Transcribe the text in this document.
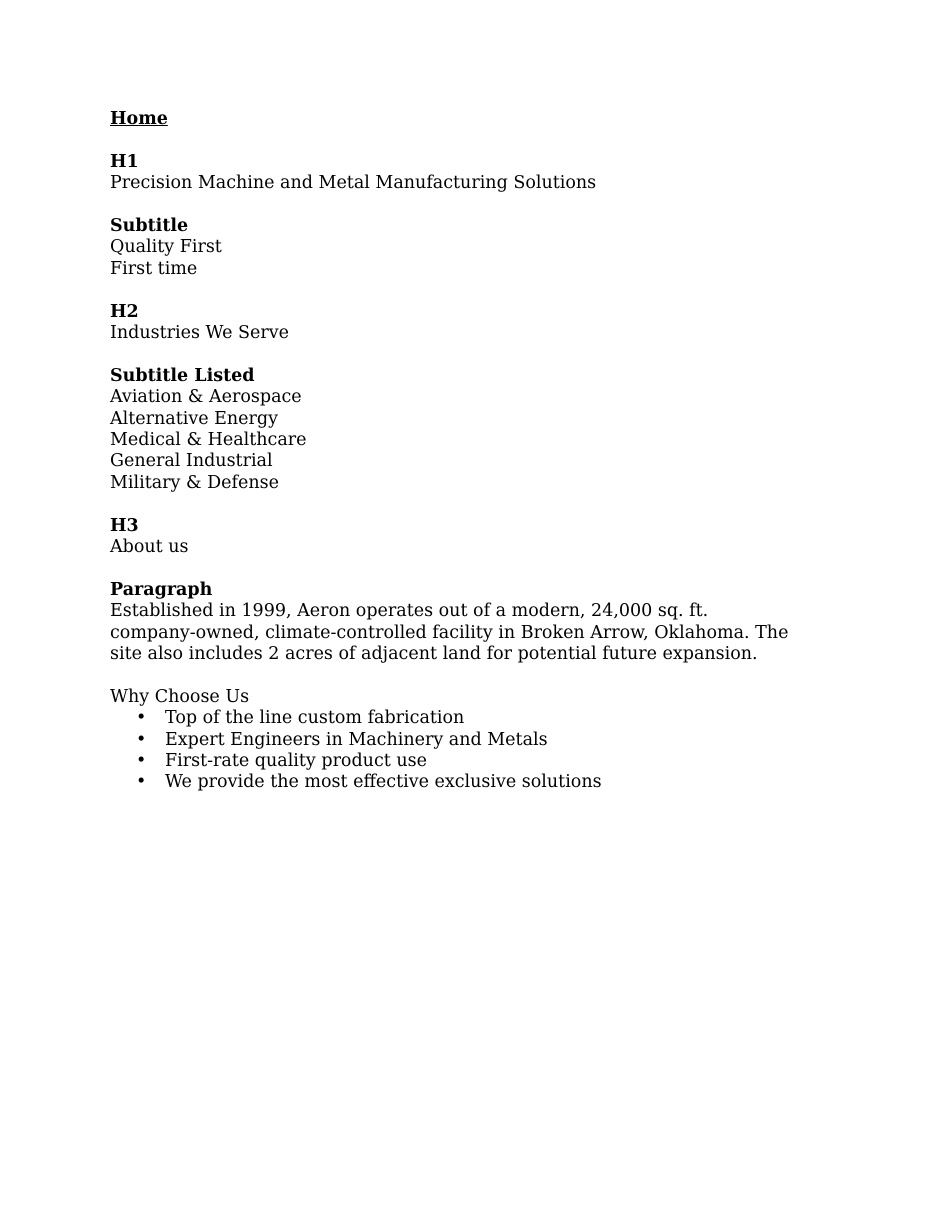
Home
H1
Precision Machine and Metal Manufacturing Solutions
Subtitle
Quality First
First time
H2
Industries We Serve
Subtitle Listed
Aviation & Aerospace
Alternative Energy
Medical & Healthcare
General Industrial
Military & Defense
H3
About us
Paragraph
Established in 1999, Aeron operates out of a modern, 24,000 sq. ft.
company-owned, climate-controlled facility in Broken Arrow, Oklahoma. The
site also includes 2 acres of adjacent land for potential future expansion.
Why Choose Us
• Top of the line custom fabrication
• Expert Engineers in Machinery and Metals
• First-rate quality product use
• We provide the most effective exclusive solutions
